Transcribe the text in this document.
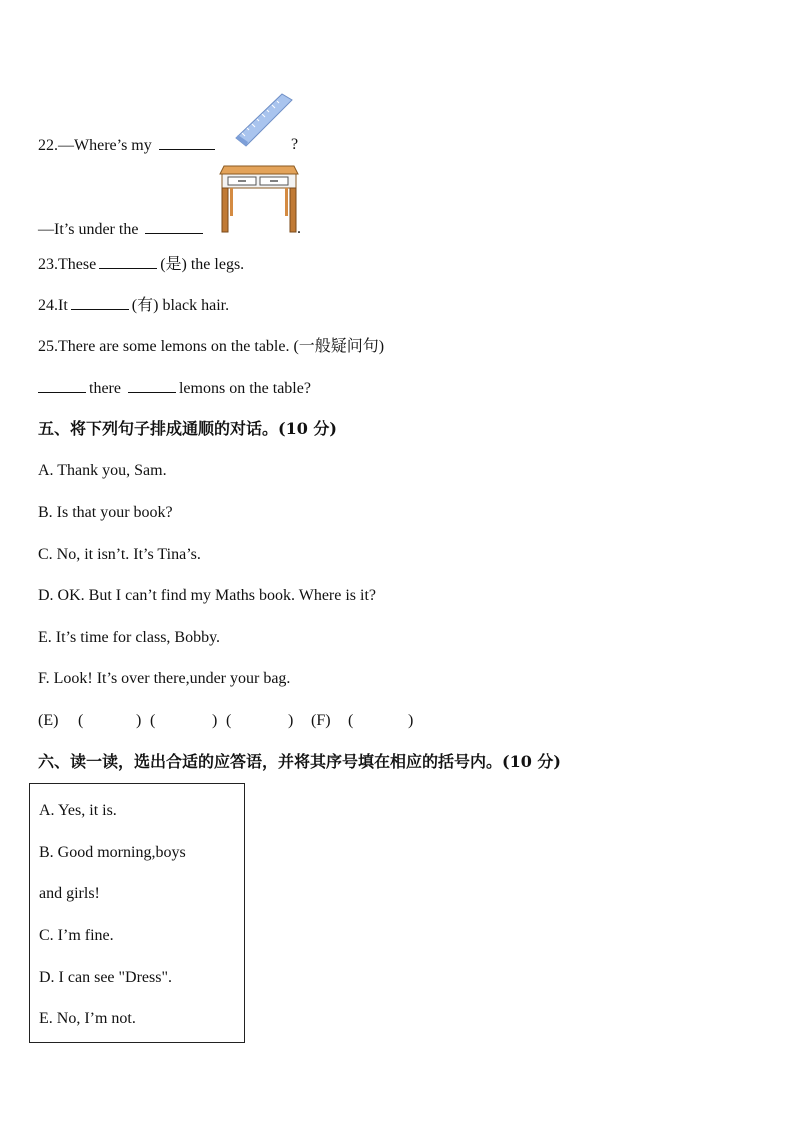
22.—Where’s my	?
—It’s under the	.
23.These	(是) the legs.
24.It	(有) black hair.
25.There are some lemons on the table. (一般疑问句)
there	lemons on the table?
五、将下列句子排成通顺的对话。(10 分)
A. Thank you, Sam.
B. Is that your book?
C. No, it isn’t. It’s Tina’s.
D. OK. But I can’t find my Maths book. Where is it?
E. It’s time for class, Bobby.
F. Look! It’s over there,under your bag.
(E) (	) (	) (	) (F) (	)
六、读一读，选出合适的应答语，并将其序号填在相应的括号内。(10 分)
A. Yes, it is.
B. Good morning,boys
and girls!
C. I’m fine.
D. I can see "Dress".
E. No, I’m not.
